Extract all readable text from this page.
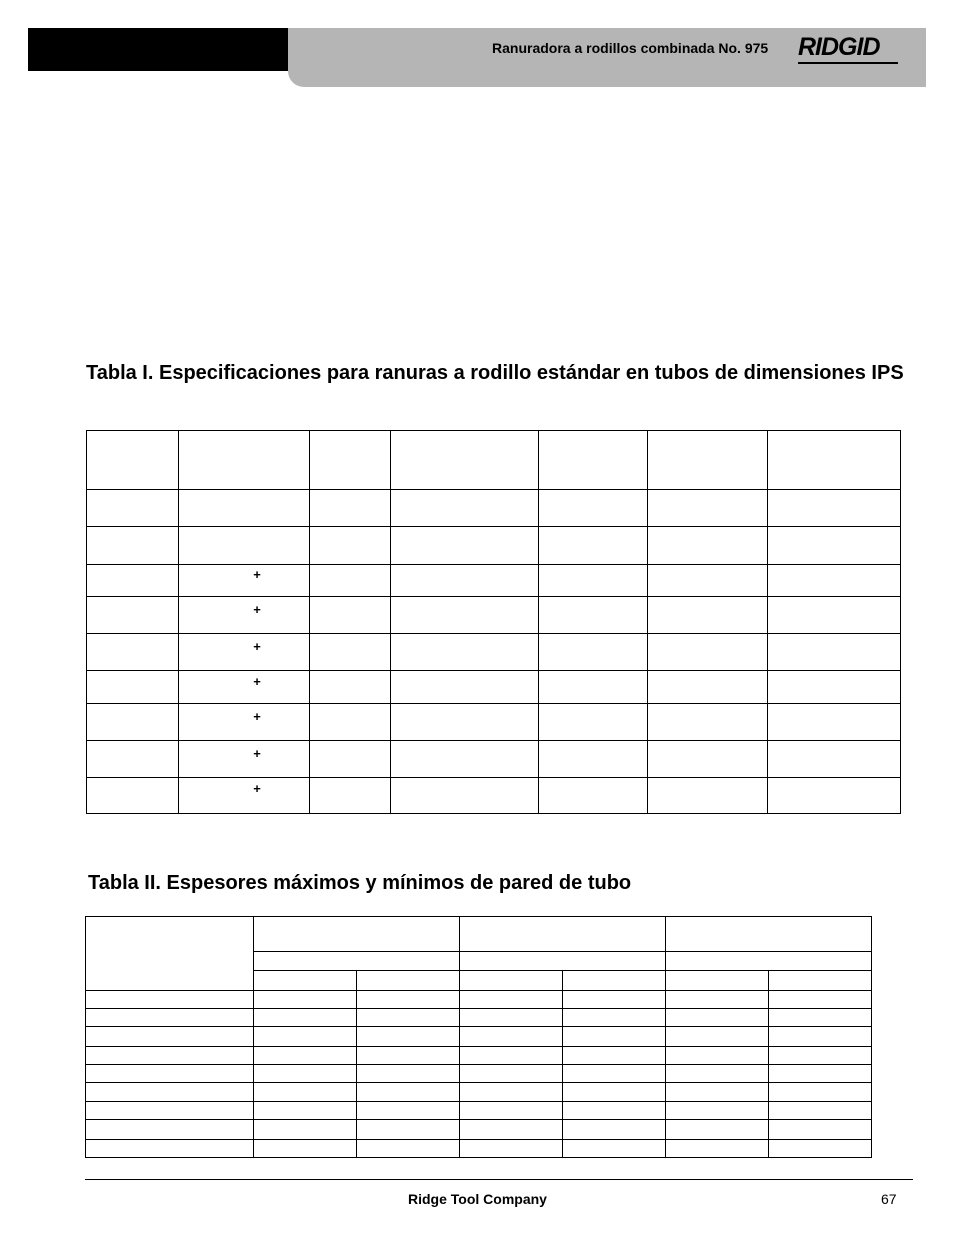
Ranuradora a rodillos combinada No. 975 RIDGID
Tabla I. Especificaciones para ranuras a rodillo estándar en tubos de dimensiones IPS

	+					
	+					
	+					
	+					
	+					
	+					
	+					
Tabla II. Espesores máximos y mínimos de pared de tubo

Ridge Tool Company	67
